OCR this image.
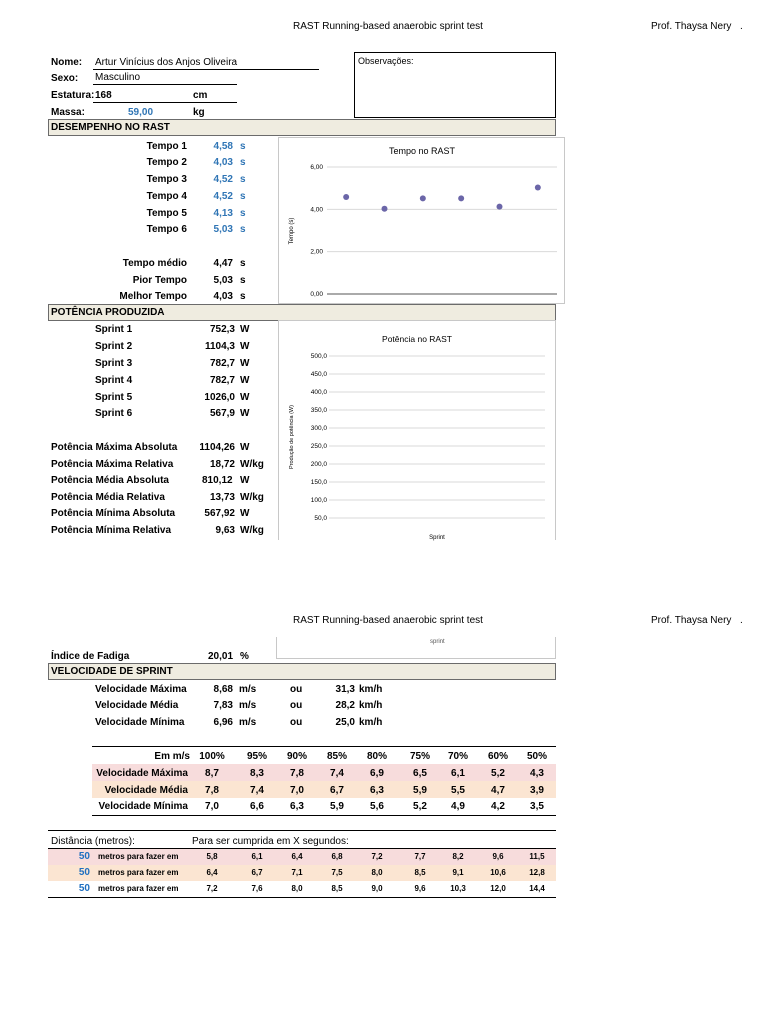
RAST Running-based anaerobic sprint test	Prof. Thaysa Nery .
Nome: Artur Vinícius dos Anjos Oliveira
Sexo: Masculino
Estatura: 168	cm
Massa:	59,00	kg
Observações:
DESEMPENHO NO RAST
Tempo 1	4,58 s
Tempo 2	4,03 s
Tempo 3	4,52 s
Tempo 4	4,52 s
Tempo 5	4,13 s
Tempo 6	5,03 s
Tempo médio	4,47 s
Pior Tempo	5,03 s
Melhor Tempo	4,03 s
Tempo no RAST
Tempo (s)
6,00
4,00
2,00
0,00
POTÊNCIA PRODUZIDA
Sprint 1	752,3 W
Sprint 2	1104,3 W
Sprint 3	782,7 W
Sprint 4	782,7 W
Sprint 5	1026,0 W
Sprint 6	567,9 W
Potência Máxima Absoluta	1104,26 W
Potência Máxima Relativa	18,72 W/kg
Potência Média Absoluta	810,12 W
Potência Média Relativa	13,73 W/kg
Potência Mínima Absoluta	567,92 W
Potência Mínima Relativa	9,63 W/kg
Potência no RAST
Produção de potência (W)
500,0
450,0
400,0
350,0
300,0
250,0
200,0
150,0
100,0
50,0
Sprint
RAST Running-based anaerobic sprint test	Prof. Thaysa Nery .
sprint
Índice de Fadiga	20,01 %
VELOCIDADE DE SPRINT
Velocidade Máxima	8,68 m/s	ou	31,3 km/h
Velocidade Média	7,83 m/s	ou	28,2 km/h
Velocidade Mínima	6,96 m/s	ou	25,0 km/h
Em m/s 100%	95%	90%	85%	80%	75%	70%	60%	50%
Velocidade Máxima	8,7	8,3	7,8	7,4	6,9	6,5	6,1	5,2	4,3
Velocidade Média	7,8	7,4	7,0	6,7	6,3	5,9	5,5	4,7	3,9
Velocidade Mínima	7,0	6,6	6,3	5,9	5,6	5,2	4,9	4,2	3,5
Distância (metros):	Para ser cumprida em X segundos:
50 metros para fazer em	5,8	6,1	6,4	6,8	7,2	7,7	8,2	9,6	11,5
50 metros para fazer em	6,4	6,7	7,1	7,5	8,0	8,5	9,1	10,6	12,8
50 metros para fazer em	7,2	7,6	8,0	8,5	9,0	9,6	10,3	12,0	14,4
